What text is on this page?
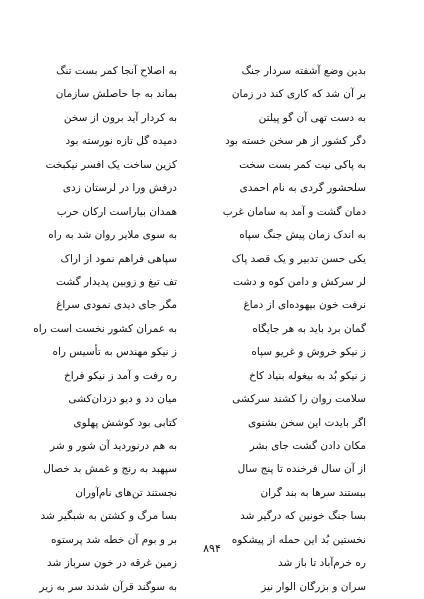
بدین وضع آشفته سردار جنگ
بر آن شد که کاری کند در زمان
به دست تهی آن گو پیلتن
دگر کشور از هر سخن خسته بود
به پاکی نیت کمر بست سخت
سلحشور گردی به نام احمدی
دمان گشت و آمد به سامان غرب
به اندک زمان پیش جنگ سپاه
یکی حسن تدبیر و یک قصد پاک
لر سرکش و دامن کوه و دشت
نرفت خون بیهوده‌ای از دماغ
گمان برد باید به هر جایگاه
ز نیکو خروش و غریو سپاه
ز نیکو بُد به بیغوله بنیاد کاخ
سلامت روان را کشند سرکشی
اگر بایدت این سخن بشنوی
مکان دادن گشت جای بشر
از آن سال فرخنده تا پنج سال
ببستند سرها به بند گران
بسا جنگ خونین که درگیر شد
نخستین بُد این حمله از پیشکوه
ره خرم‌آباد تا باز شد
سران و بزرگان الوار نیز
به اصلاح آنجا کمر بست تنگ
بماند به جا حاصلش سازمان
به کردار آید برون از سخن
دمیده گل تازه نورسته بود
کزین ساخت یک افسر نیکبخت
درفش ورا در لرستان زدی
همدان بیاراست ارکان حرب
به سوی ملایر روان شد به راه
سپاهی فراهم نمود از اراک
تف تیغ و زوبین پدیدار گشت
مگر جای دیدی نمودی سراغ
به عمران کشور نخست است راه
ز نیکو مهندس به تأسیس راه
ره رفت و آمد ز نیکو فراخ
میان دد و دیو دزدان‌کشی
کتابی بود کوشش پهلوی
به هم درنوردید آن شور و شر
سپهبد به رنج و غمش بد خصال
نجستند تن‌های نام‌آوران
بسا مرگ و کشتن به شبگیر شد
بر و بوم آن خطه شد پرستوه
زمین غرقه در خون سرباز شد
به سوگند قرآن شدند سر به زیر
۸۹۴
